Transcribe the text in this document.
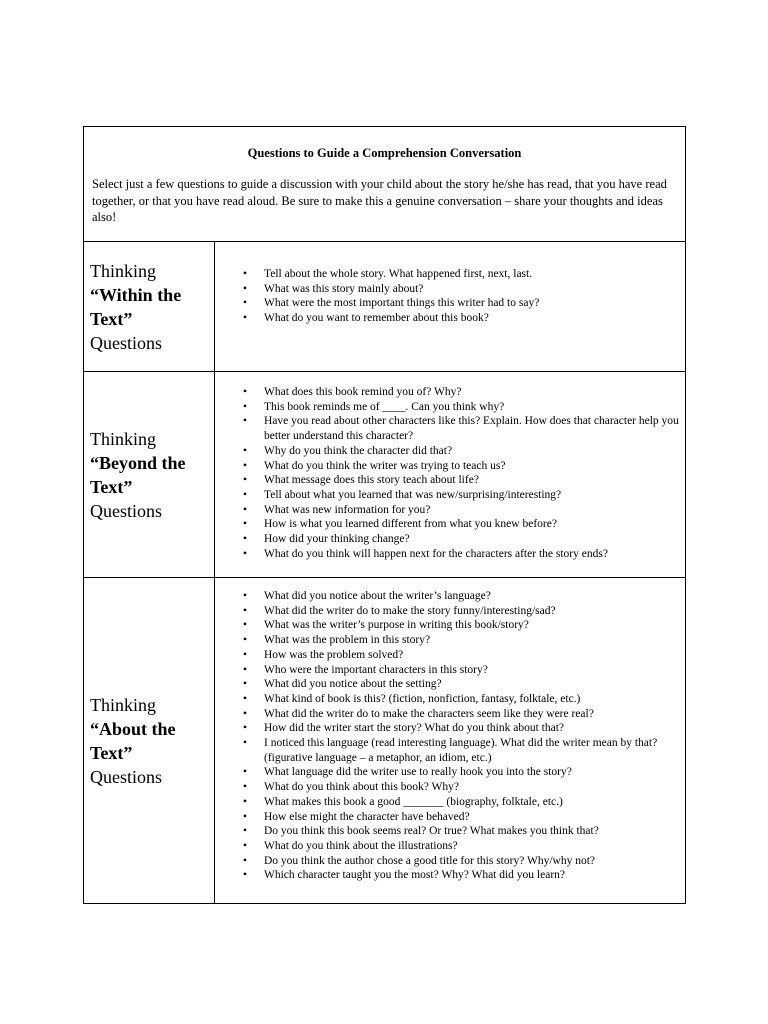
Questions to Guide a Comprehension Conversation

Select just a few questions to guide a discussion with your child about the story he/she has read, that you have read together, or that you have read aloud. Be sure to make this a genuine conversation – share your thoughts and ideas also!

Thinking
“Within the Text”
Questions
• Tell about the whole story. What happened first, next, last.
• What was this story mainly about?
• What were the most important things this writer had to say?
• What do you want to remember about this book?
Thinking
“Beyond the Text”
Questions
• What does this book remind you of? Why?
• This book reminds me of ____. Can you think why?
• Have you read about other characters like this? Explain. How does that character help you better understand this character?
• Why do you think the character did that?
• What do you think the writer was trying to teach us?
• What message does this story teach about life?
• Tell about what you learned that was new/surprising/interesting?
• What was new information for you?
• How is what you learned different from what you knew before?
• How did your thinking change?
• What do you think will happen next for the characters after the story ends?
Thinking
“About the Text”
Questions
• What did you notice about the writer’s language?
• What did the writer do to make the story funny/interesting/sad?
• What was the writer’s purpose in writing this book/story?
• What was the problem in this story?
• How was the problem solved?
• Who were the important characters in this story?
• What did you notice about the setting?
• What kind of book is this? (fiction, nonfiction, fantasy, folktale, etc.)
• What did the writer do to make the characters seem like they were real?
• How did the writer start the story? What do you think about that?
• I noticed this language (read interesting language). What did the writer mean by that? (figurative language – a metaphor, an idiom, etc.)
• What language did the writer use to really hook you into the story?
• What do you think about this book? Why?
• What makes this book a good _______ (biography, folktale, etc.)
• How else might the character have behaved?
• Do you think this book seems real? Or true? What makes you think that?
• What do you think about the illustrations?
• Do you think the author chose a good title for this story? Why/why not?
• Which character taught you the most? Why? What did you learn?
